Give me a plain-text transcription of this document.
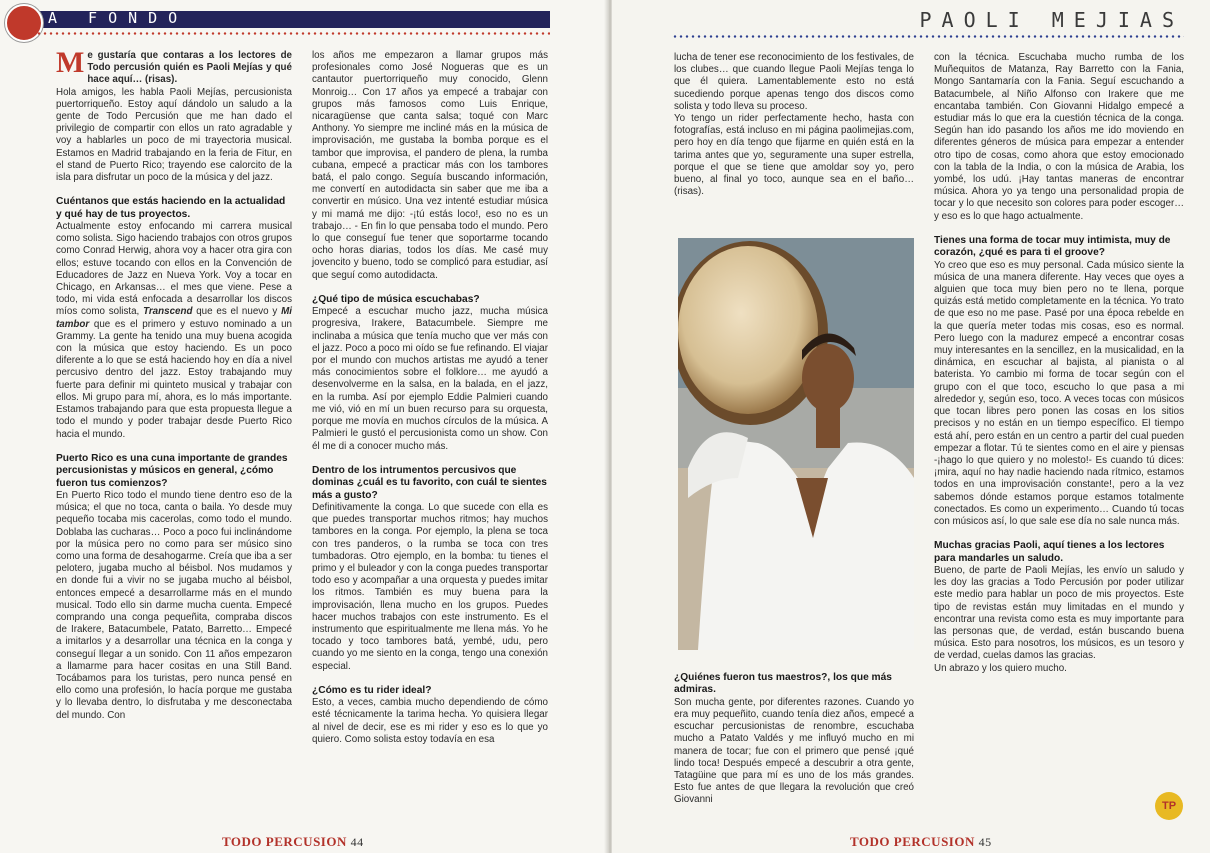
A FONDO

Me gustaría que contaras a los lectores de Todo percusión quién es Paoli Mejías y qué hace aquí… (risas).

Hola amigos, les habla Paoli Mejías, percusionista puertorriqueño. Estoy aquí dándolo un saludo a la gente de Todo Percusión que me han dado el privilegio de compartir con ellos un rato agradable y voy a hablarles un poco de mi trayectoria musical. Estamos en Madrid trabajando en la feria de Fitur, en el stand de Puerto Rico; trayendo ese calorcito de la isla para disfrutar un poco de la música y del jazz.

Cuéntanos que estás haciendo en la actualidad y qué hay de tus proyectos.

Actualmente estoy enfocando mi carrera musical como solista. Sigo haciendo trabajos con otros grupos como Conrad Herwig, ahora voy a hacer otra gira con ellos; estuve tocando con ellos en la Convención de Educadores de Jazz en Nueva York. Voy a tocar en Chicago, en Arkansas… el mes que viene. Pese a todo, mi vida está enfocada a desarrollar los discos míos como solista, Transcend que es el nuevo y Mi tambor que es el primero y estuvo nominado a un Grammy. La gente ha tenido una muy buena acogida con la música que estoy haciendo. Es un poco diferente a lo que se está haciendo hoy en día a nivel percusivo dentro del jazz. Estoy trabajando muy fuerte para definir mi quinteto musical y trabajar con ellos. Mi grupo para mí, ahora, es lo más importante. Estamos trabajando para que esta propuesta llegue a todo el mundo y poder trabajar desde Puerto Rico hacia el mundo.

Puerto Rico es una cuna importante de grandes percusionistas y músicos en general, ¿cómo fueron tus comienzos?

En Puerto Rico todo el mundo tiene dentro eso de la música; el que no toca, canta o baila. Yo desde muy pequeño tocaba mis cacerolas, como todo el mundo. Doblaba las cucharas… Poco a poco fui inclinándome por la música pero no como para ser músico sino como una forma de desahogarme. Creía que iba a ser pelotero, jugaba mucho al béisbol. Nos mudamos y en donde fui a vivir no se jugaba mucho al béisbol, entonces empecé a desarrollarme más en el mundo musical. Todo ello sin darme mucha cuenta. Empecé comprando una conga pequeñita, compraba discos de Irakere, Batacumbele, Patato, Barretto… Empecé a imitarlos y a desarrollar una técnica en la conga y conseguí llegar a un sonido. Con 11 años empezaron a llamarme para hacer cositas en una Still Band. Tocábamos para los turistas, pero nunca pensé en ello como una profesión, lo hacía porque me gustaba y lo llevaba dentro, lo disfrutaba y me desconectaba del mundo. Con

los años me empezaron a llamar grupos más profesionales como José Nogueras que es un cantautor puertorriqueño muy conocido, Glenn Monroig… Con 17 años ya empecé a trabajar con grupos más famosos como Luis Enrique, nicaragüense que canta salsa; toqué con Marc Anthony. Yo siempre me incliné más en la música de improvisación, me gustaba la bomba porque es el tambor que improvisa, el pandero de plena, la rumba cubana, empecé a practicar más con los tambores batá, el palo congo. Seguía buscando información, me convertí en autodidacta sin saber que me iba a convertir en músico. Una vez intenté estudiar música y mi mamá me dijo: -¡tú estás loco!, eso no es un trabajo… - En fin lo que pensaba todo el mundo. Pero lo que conseguí fue tener que soportarme tocando ocho horas diarias, todos los días. Me casé muy jovencito y bueno, todo se complicó para estudiar, así que seguí como autodidacta.

¿Qué tipo de música escuchabas?

Empecé a escuchar mucho jazz, mucha música progresiva, Irakere, Batacumbele. Siempre me inclinaba a música que tenía mucho que ver más con el jazz. Poco a poco mi oído se fue refinando. El viajar por el mundo con muchos artistas me ayudó a tener más conocimientos sobre el folklore… me ayudó a desenvolverme en la salsa, en la balada, en el jazz, en la rumba. Así por ejemplo Eddie Palmieri cuando me vió, vió en mí un buen recurso para su orquesta, porque me movía en muchos círculos de la música. A Palmieri le gustó el percusionista como un show. Con él me di a conocer mucho más.

Dentro de los intrumentos percusivos que dominas ¿cuál es tu favorito, con cuál te sientes más a gusto?

Definitivamente la conga. Lo que sucede con ella es que puedes transportar muchos ritmos; hay muchos tambores en la conga. Por ejemplo, la plena se toca con tres panderos, o la rumba se toca con tres tumbadoras. Otro ejemplo, en la bomba: tu tienes el primo y el buleador y con la conga puedes transportar todo eso y acompañar a una orquesta y puedes imitar los ritmos. También es muy buena para la improvisación, llena mucho en los grupos. Puedes hacer muchos trabajos con este instrumento. Es el instrumento que espiritualmente me llena más. Yo he tocado y toco tambores batá, yembé, udu, pero cuando yo me siento en la conga, tengo una conexión especial.

¿Cómo es tu rider ideal?

Esto, a veces, cambia mucho dependiendo de cómo esté técnicamente la tarima hecha. Yo quisiera llegar al nivel de decir, ese es mi rider y eso es lo que yo quiero. Como solista estoy todavía en esa

TODO PERCUSION 44
PAOLI MEJIAS

lucha de tener ese reconocimiento de los festivales, de los clubes… que cuando llegue Paoli Mejías tenga lo que él quiera. Lamentablemente esto no está sucediendo porque apenas tengo dos discos como solista y todo lleva su proceso.

Yo tengo un rider perfectamente hecho, hasta con fotografías, está incluso en mi página paolimejias.com, pero hoy en día tengo que fijarme en quién está en la tarima antes que yo, seguramente una super estrella, porque el que se tiene que amoldar soy yo, pero bueno, al final yo toco, aunque sea en el baño… (risas).

¿Quiénes fueron tus maestros?, los que más admiras.

Son mucha gente, por diferentes razones. Cuando yo era muy pequeñito, cuando tenía diez años, empecé a escuchar percusionistas de renombre, escuchaba mucho a Patato Valdés y me influyó mucho en mi manera de tocar; fue con el primero que pensé ¡qué lindo toca! Después empecé a descubrir a otra gente, Tatagüine que para mí es uno de los más grandes. Esto fue antes de que llegara la revolución que creó Giovanni

con la técnica. Escuchaba mucho rumba de los Muñequitos de Matanza, Ray Barretto con la Fania, Mongo Santamaría con la Fania. Seguí escuchando a Batacumbele, al Niño Alfonso con Irakere que me encantaba también. Con Giovanni Hidalgo empecé a estudiar más lo que era la cuestión técnica de la conga. Según han ido pasando los años me ido moviendo en diferentes géneros de música para empezar a entender otro tipo de cosas, como ahora que estoy emocionado con la tabla de la India, o con la música de Arabia, los yombé, los udú. ¡Hay tantas maneras de encontrar música. Ahora yo ya tengo una personalidad propia de tocar y lo que necesito son colores para poder escoger… y eso es lo que hago actualmente.

Tienes una forma de tocar muy intimista, muy de corazón, ¿qué es para ti el groove?

Yo creo que eso es muy personal. Cada músico siente la música de una manera diferente. Hay veces que oyes a alguien que toca muy bien pero no te llena, porque quizás está metido completamente en la técnica. Yo trato de que eso no me pase. Pasé por una época rebelde en la que quería meter todas mis cosas, eso es normal. Pero luego con la madurez empecé a encontrar cosas muy interesantes en la sencillez, en la musicalidad, en la dinámica, en escuchar al bajista, al pianista o al baterista. Yo cambio mi forma de tocar según con el grupo con el que toco, escucho lo que pasa a mi alrededor y, según eso, toco. A veces tocas con músicos que tocan libres pero ponen las cosas en los sitios precisos y no están en un tiempo específico. El tiempo está ahí, pero están en un centro a partir del cual pueden empezar a flotar. Tú te sientes como en el aire y piensas -¡hago lo que quiero y no molesto!- Es cuando tú dices: ¡mira, aquí no hay nadie haciendo nada rítmico, estamos todos en una improvisación constante!, pero a la vez sabemos dónde estamos porque estamos totalmente conectados. Es como un experimento… Cuando tú tocas con músicos así, lo que sale ese día no sale nunca más.

Muchas gracias Paoli, aquí tienes a los lectores para mandarles un saludo.

Bueno, de parte de Paoli Mejías, les envío un saludo y les doy las gracias a Todo Percusión por poder utilizar este medio para hablar un poco de mis proyectos. Este tipo de revistas están muy limitadas en el mundo y encontrar una revista como esta es muy importante para las personas que, de verdad, están buscando buena música. Esto para nosotros, los músicos, es un tesoro y de verdad, cuelas damos las gracias.

Un abrazo y los quiero mucho.

TP
TODO PERCUSION 45
